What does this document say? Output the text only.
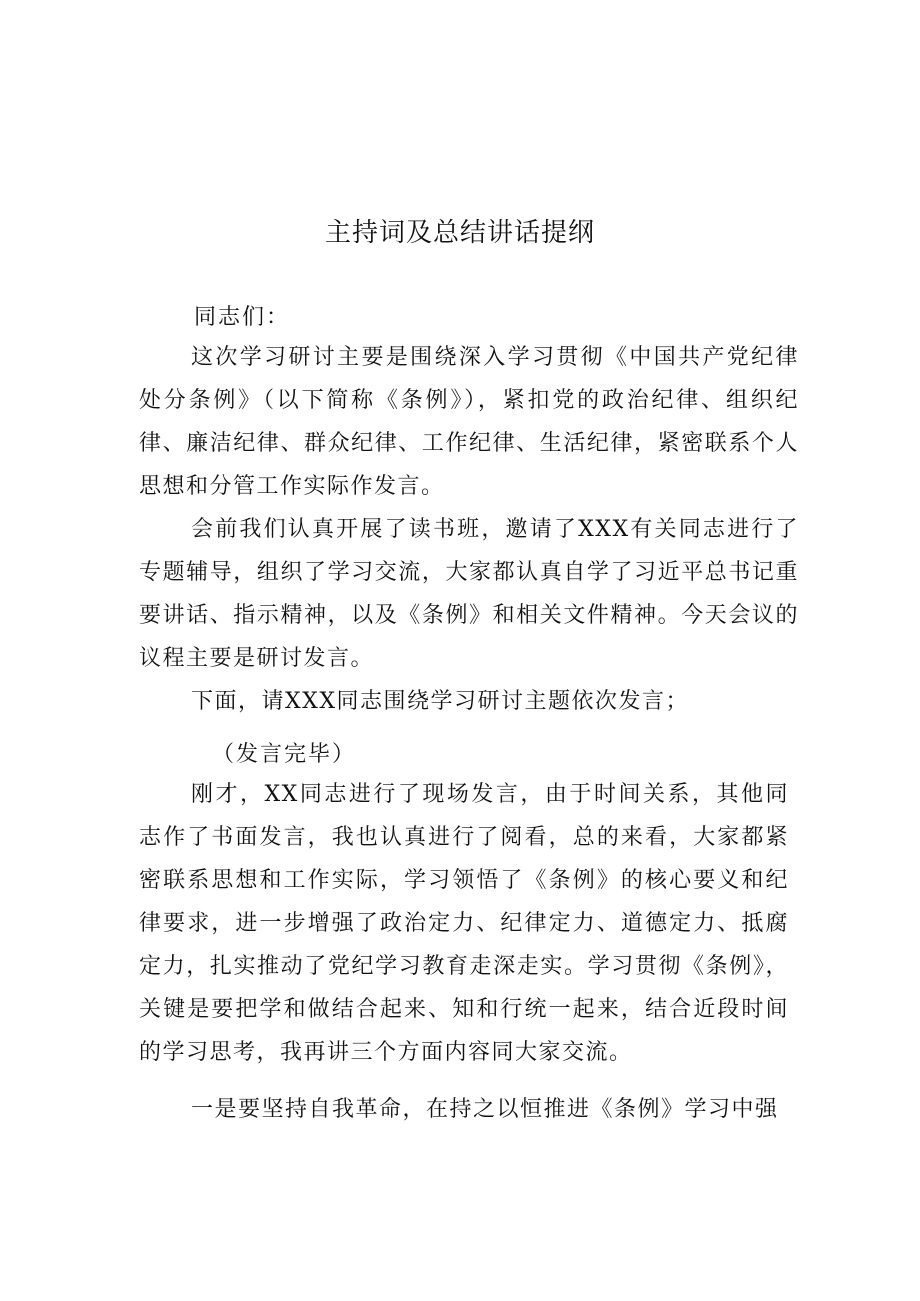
主持词及总结讲话提纲
同志们：

这次学习研讨主要是围绕深入学习贯彻《中国共产党纪律处分条例》（以下简称《条例》），紧扣党的政治纪律、组织纪律、廉洁纪律、群众纪律、工作纪律、生活纪律，紧密联系个人思想和分管工作实际作发言。

会前我们认真开展了读书班，邀请了XXX有关同志进行了专题辅导，组织了学习交流，大家都认真自学了习近平总书记重要讲话、指示精神，以及《条例》和相关文件精神。今天会议的议程主要是研讨发言。

下面，请XXX同志围绕学习研讨主题依次发言；

（发言完毕）

刚才，XX同志进行了现场发言，由于时间关系，其他同志作了书面发言，我也认真进行了阅看，总的来看，大家都紧密联系思想和工作实际，学习领悟了《条例》的核心要义和纪律要求，进一步增强了政治定力、纪律定力、道德定力、抵腐定力，扎实推动了党纪学习教育走深走实。学习贯彻《条例》，关键是要把学和做结合起来、知和行统一起来，结合近段时间的学习思考，我再讲三个方面内容同大家交流。

一是要坚持自我革命，在持之以恒推进《条例》学习中强
